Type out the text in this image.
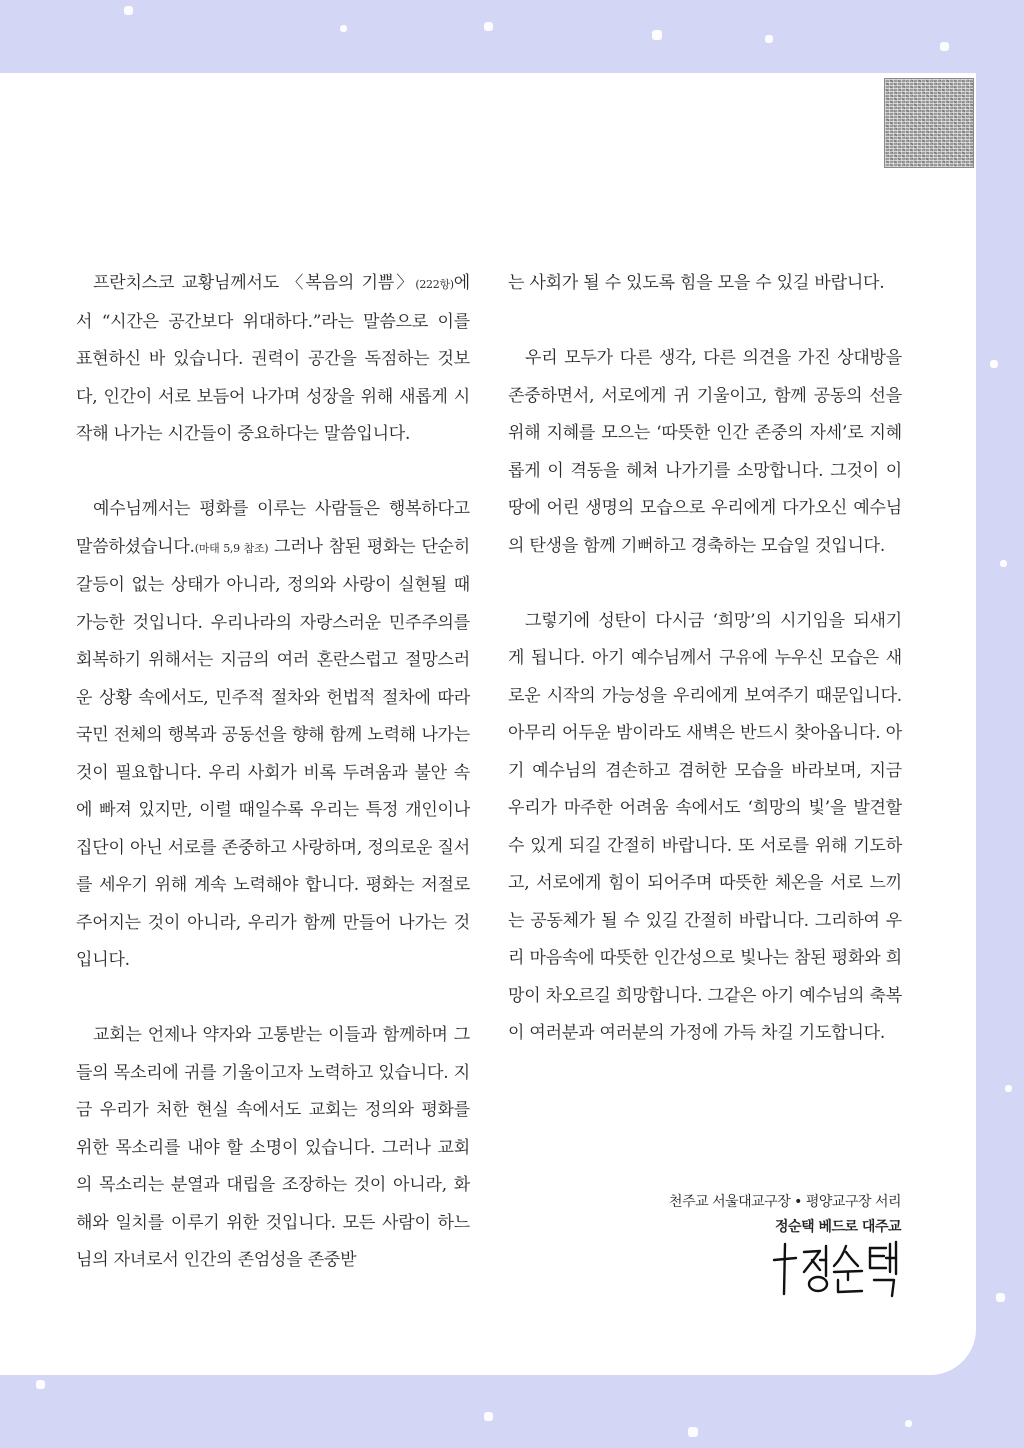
프란치스코 교황님께서도 〈복음의 기쁨〉(222항)에서 “시간은 공간보다 위대하다.”라는 말씀으로 이를 표현하신 바 있습니다. 권력이 공간을 독점하는 것보다, 인간이 서로 보듬어 나가며 성장을 위해 새롭게 시작해 나가는 시간들이 중요하다는 말씀입니다.

예수님께서는 평화를 이루는 사람들은 행복하다고 말씀하셨습니다.(마태 5,9 참조) 그러나 참된 평화는 단순히 갈등이 없는 상태가 아니라, 정의와 사랑이 실현될 때 가능한 것입니다. 우리나라의 자랑스러운 민주주의를 회복하기 위해서는 지금의 여러 혼란스럽고 절망스러운 상황 속에서도, 민주적 절차와 헌법적 절차에 따라 국민 전체의 행복과 공동선을 향해 함께 노력해 나가는 것이 필요합니다. 우리 사회가 비록 두려움과 불안 속에 빠져 있지만, 이럴 때일수록 우리는 특정 개인이나 집단이 아닌 서로를 존중하고 사랑하며, 정의로운 질서를 세우기 위해 계속 노력해야 합니다. 평화는 저절로 주어지는 것이 아니라, 우리가 함께 만들어 나가는 것입니다.

교회는 언제나 약자와 고통받는 이들과 함께하며 그들의 목소리에 귀를 기울이고자 노력하고 있습니다. 지금 우리가 처한 현실 속에서도 교회는 정의와 평화를 위한 목소리를 내야 할 소명이 있습니다. 그러나 교회의 목소리는 분열과 대립을 조장하는 것이 아니라, 화해와 일치를 이루기 위한 것입니다. 모든 사람이 하느님의 자녀로서 인간의 존엄성을 존중받

는 사회가 될 수 있도록 힘을 모을 수 있길 바랍니다.

우리 모두가 다른 생각, 다른 의견을 가진 상대방을 존중하면서, 서로에게 귀 기울이고, 함께 공동의 선을 위해 지혜를 모으는 ‘따뜻한 인간 존중의 자세’로 지혜롭게 이 격동을 헤쳐 나가기를 소망합니다. 그것이 이 땅에 어린 생명의 모습으로 우리에게 다가오신 예수님의 탄생을 함께 기뻐하고 경축하는 모습일 것입니다.

그렇기에 성탄이 다시금 ‘희망’의 시기임을 되새기게 됩니다. 아기 예수님께서 구유에 누우신 모습은 새로운 시작의 가능성을 우리에게 보여주기 때문입니다. 아무리 어두운 밤이라도 새벽은 반드시 찾아옵니다. 아기 예수님의 겸손하고 겸허한 모습을 바라보며, 지금 우리가 마주한 어려움 속에서도 ‘희망의 빛’을 발견할 수 있게 되길 간절히 바랍니다. 또 서로를 위해 기도하고, 서로에게 힘이 되어주며 따뜻한 체온을 서로 느끼는 공동체가 될 수 있길 간절히 바랍니다. 그리하여 우리 마음속에 따뜻한 인간성으로 빛나는 참된 평화와 희망이 차오르길 희망합니다. 그같은 아기 예수님의 축복이 여러분과 여러분의 가정에 가득 차길 기도합니다.

천주교 서울대교구장 • 평양교구장 서리
정순택 베드로 대주교
